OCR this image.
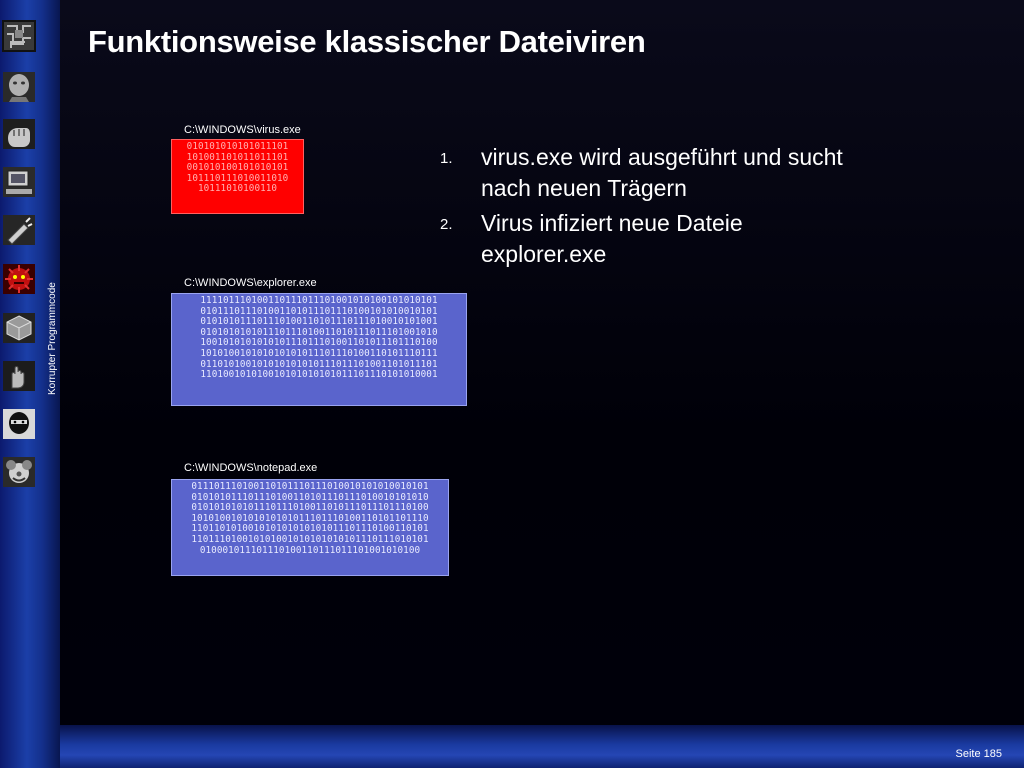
Korrupter Programmcode
Funktionsweise klassischer Dateiviren
C:\WINDOWS\virus.exe
010101010101011101
101001101011011101
001010100101010101
101110111010011010
10111010100110
C:\WINDOWS\explorer.exe
111101110100110111011101001010100101010101
010111011101001101011101110100101010010101
010101011101110100110101110111010010101001
010101010101110111010011010111011101001010
100101010101010111011101001101011101110100
101010010101010101011101110100110101110111
011010100101010101010111011101001101011101
110100101010010101010101011101110101010001
C:\WINDOWS\notepad.exe
011101110100110101110111010010101010010101
010101011101110100110101110111010010101010
010101010101110111010011010111011101110100
101010010101010101011101110100110101101110
110110101001010101010101011101110100110101
110111010010101001010101010101110111010101
010001011101110100110111011101001010100
1. virus.exe wird ausgeführt und sucht nach neuen Trägern
2. Virus infiziert neue Dateie explorer.exe
Seite 185
